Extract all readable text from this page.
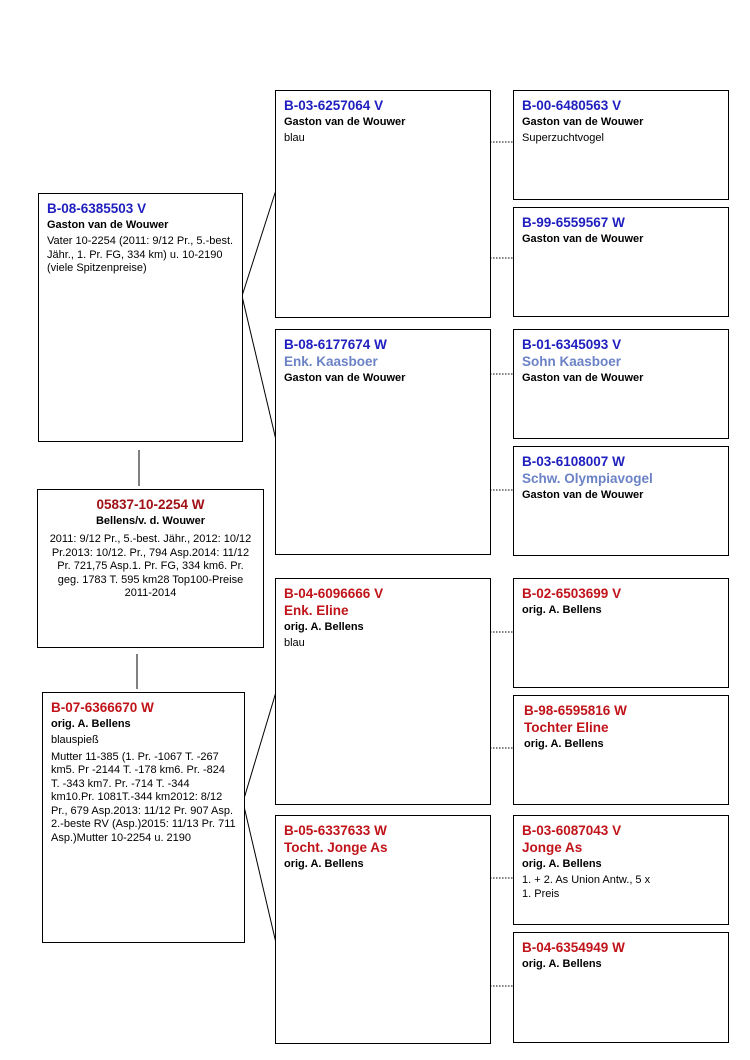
B-08-6385503 V
Gaston van de Wouwer
Vater 10-2254 (2011: 9/12 Pr., 5.-best. Jähr., 1. Pr. FG, 334 km) u. 10-2190 (viele Spitzenpreise)
05837-10-2254 W
Bellens/v. d. Wouwer
2011: 9/12 Pr., 5.-best. Jähr., 2012: 10/12 Pr.2013: 10/12. Pr., 794 Asp.2014: 11/12 Pr. 721,75 Asp.1. Pr. FG, 334 km6. Pr. geg. 1783 T. 595 km28 Top100-Preise 2011-2014
B-07-6366670 W
orig. A. Bellens
blauspieß
Mutter 11-385 (1. Pr. -1067 T. -267 km5. Pr -2144 T. -178 km6. Pr. -824 T. -343 km7. Pr. -714 T. -344 km10.Pr. 1081T.-344 km2012: 8/12 Pr., 679 Asp.2013: 11/12 Pr. 907 Asp. 2.-beste RV (Asp.)2015: 11/13 Pr. 711 Asp.)Mutter 10-2254 u. 2190
B-03-6257064 V
Gaston van de Wouwer
blau
B-08-6177674 W
Enk. Kaasboer
Gaston van de Wouwer
B-04-6096666 V
Enk. Eline
orig. A. Bellens
blau
B-05-6337633 W
Tocht. Jonge As
orig. A. Bellens
B-00-6480563 V
Gaston van de Wouwer
Superzuchtvogel
B-99-6559567 W
Gaston van de Wouwer
B-01-6345093 V
Sohn Kaasboer
Gaston van de Wouwer
B-03-6108007 W
Schw. Olympiavogel
Gaston van de Wouwer
B-02-6503699 V
orig. A. Bellens
B-98-6595816 W
Tochter Eline
orig. A. Bellens
B-03-6087043 V
Jonge As
orig. A. Bellens
1. + 2. As Union Antw., 5 x 1. Preis
B-04-6354949 W
orig. A. Bellens
